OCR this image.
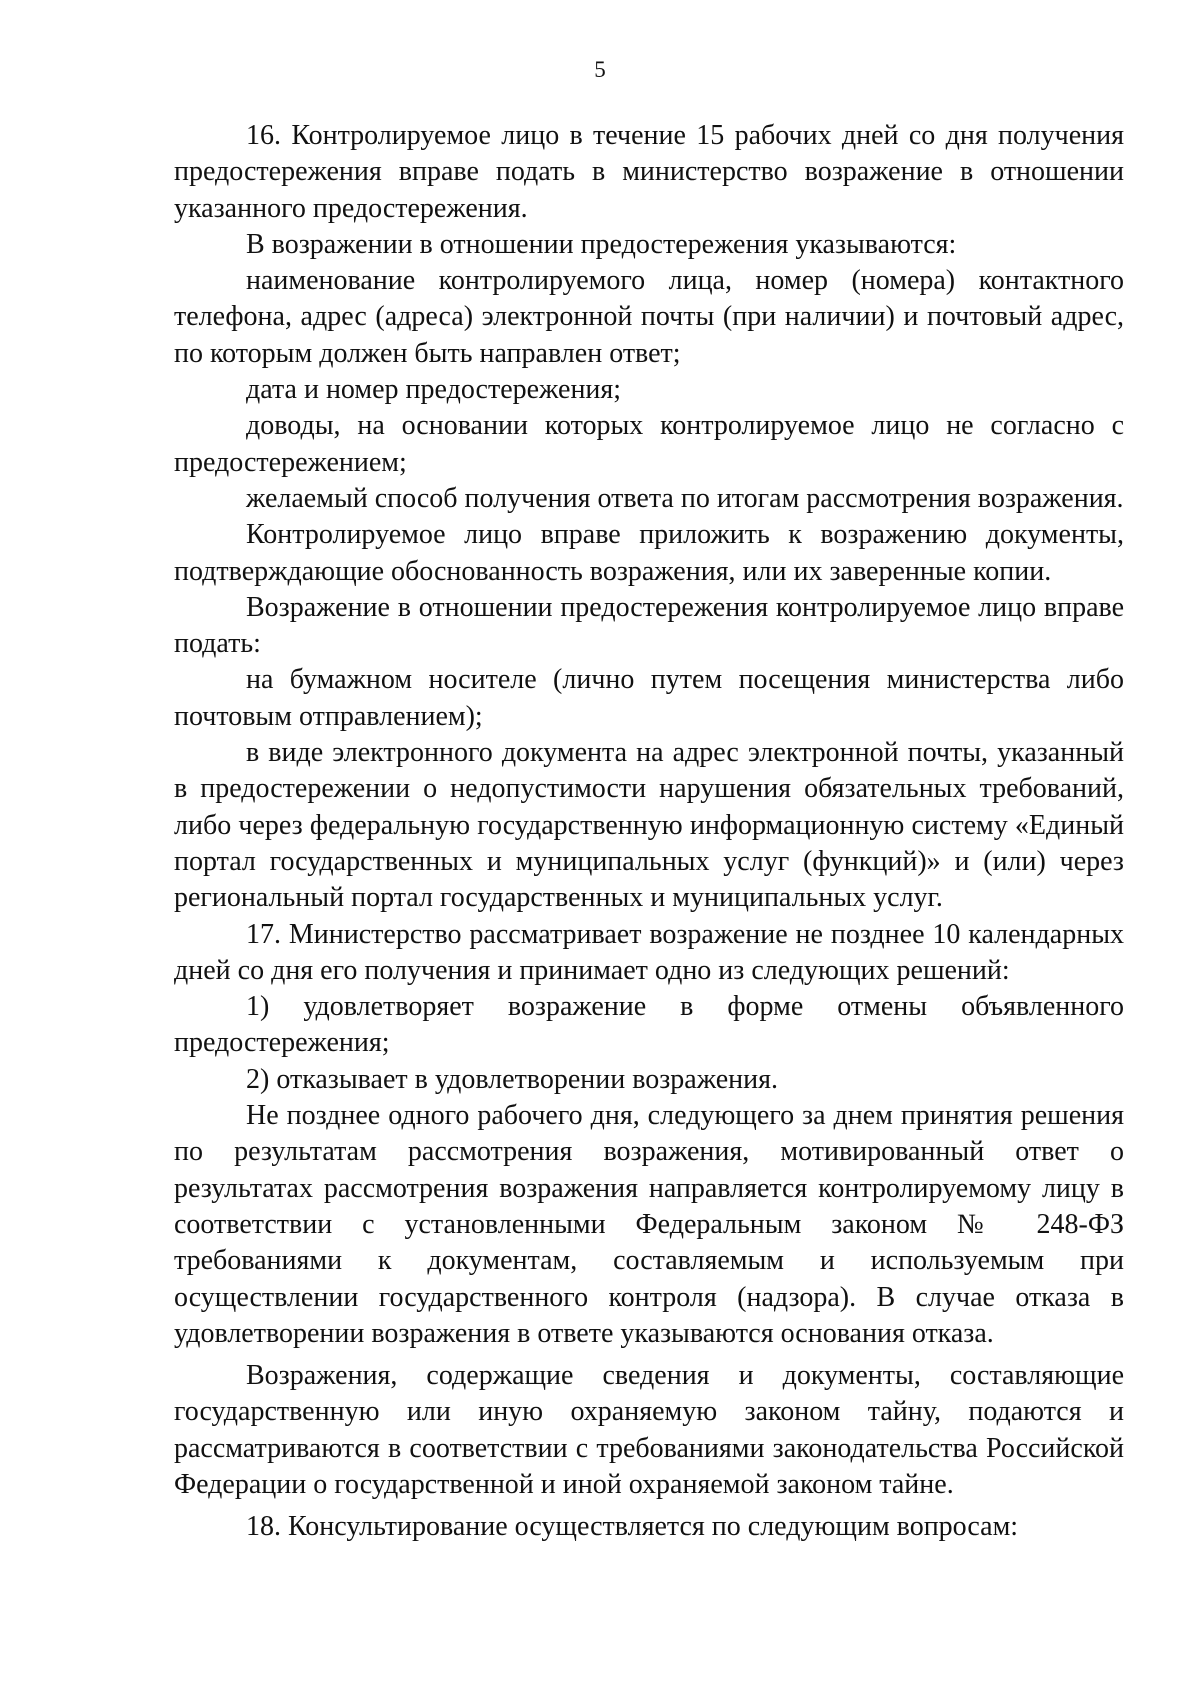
5

16. Контролируемое лицо в течение 15 рабочих дней со дня получения предостережения вправе подать в министерство возражение в отношении указанного предостережения.

В возражении в отношении предостережения указываются:

наименование контролируемого лица, номер (номера) контактного телефона, адрес (адреса) электронной почты (при наличии) и почтовый адрес, по которым должен быть направлен ответ;

дата и номер предостережения;

доводы, на основании которых контролируемое лицо не согласно с предостережением;

желаемый способ получения ответа по итогам рассмотрения возражения.

Контролируемое лицо вправе приложить к возражению документы, подтверждающие обоснованность возражения, или их заверенные копии.

Возражение в отношении предостережения контролируемое лицо вправе подать:

на бумажном носителе (лично путем посещения министерства либо почтовым отправлением);

в виде электронного документа на адрес электронной почты, указанный в предостережении о недопустимости нарушения обязательных требований, либо через федеральную государственную информационную систему «Единый портал государственных и муниципальных услуг (функций)» и (или) через региональный портал государственных и муниципальных услуг.

17. Министерство рассматривает возражение не позднее 10 календарных дней со дня его получения и принимает одно из следующих решений:

1) удовлетворяет возражение в форме отмены объявленного предостережения;

2) отказывает в удовлетворении возражения.

Не позднее одного рабочего дня, следующего за днем принятия решения по результатам рассмотрения возражения, мотивированный ответ о результатах рассмотрения возражения направляется контролируемому лицу в соответствии с установленными Федеральным законом № 248-ФЗ требованиями к документам, составляемым и используемым при осуществлении государственного контроля (надзора). В случае отказа в удовлетворении возражения в ответе указываются основания отказа.

Возражения, содержащие сведения и документы, составляющие государственную или иную охраняемую законом тайну, подаются и рассматриваются в соответствии с требованиями законодательства Российской Федерации о государственной и иной охраняемой законом тайне.

18. Консультирование осуществляется по следующим вопросам:
